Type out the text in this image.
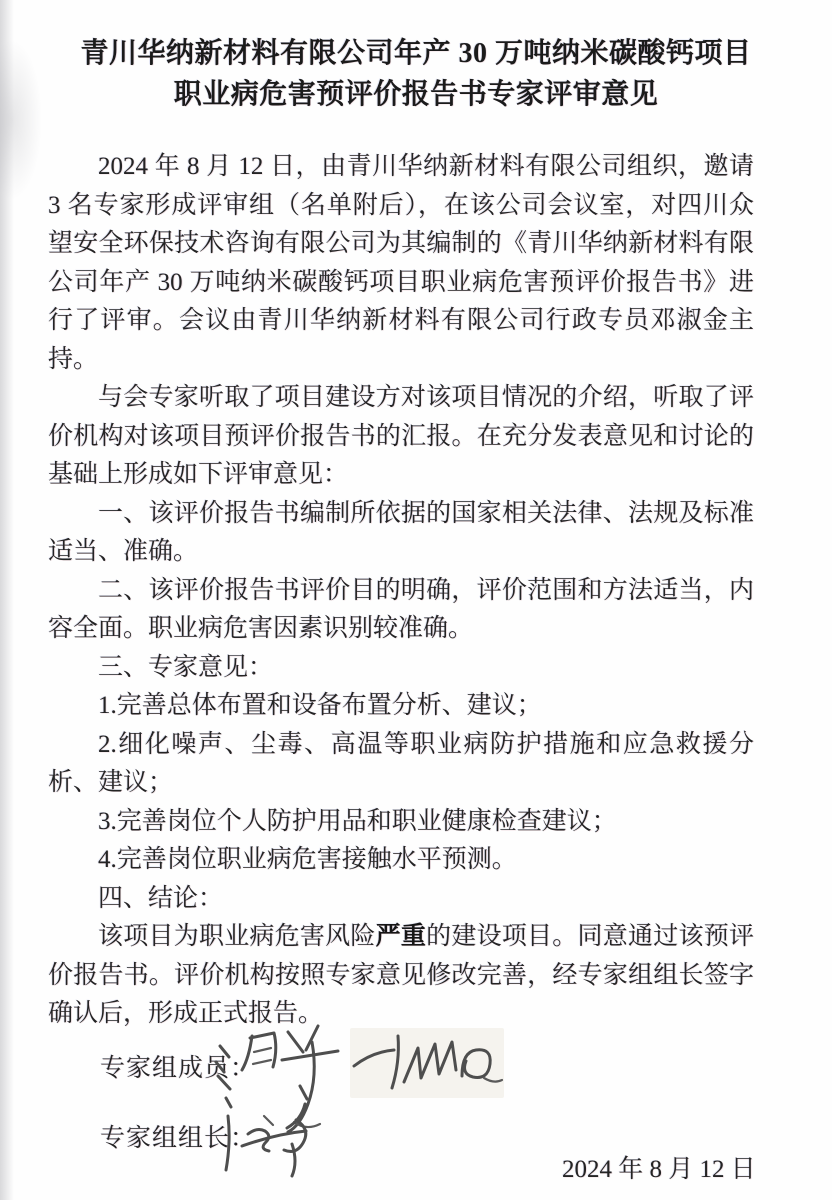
青川华纳新材料有限公司年产 30 万吨纳米碳酸钙项目
职业病危害预评价报告书专家评审意见

2024 年 8 月 12 日，由青川华纳新材料有限公司组织，邀请 3 名专家形成评审组（名单附后），在该公司会议室，对四川众望安全环保技术咨询有限公司为其编制的《青川华纳新材料有限公司年产 30 万吨纳米碳酸钙项目职业病危害预评价报告书》进行了评审。会议由青川华纳新材料有限公司行政专员邓淑金主持。

与会专家听取了项目建设方对该项目情况的介绍，听取了评价机构对该项目预评价报告书的汇报。在充分发表意见和讨论的基础上形成如下评审意见：

一、该评价报告书编制所依据的国家相关法律、法规及标准适当、准确。

二、该评价报告书评价目的明确，评价范围和方法适当，内容全面。职业病危害因素识别较准确。

三、专家意见：

1.完善总体布置和设备布置分析、建议；

2.细化噪声、尘毒、高温等职业病防护措施和应急救援分析、建议；

3.完善岗位个人防护用品和职业健康检查建议；

4.完善岗位职业病危害接触水平预测。

四、结论：

该项目为职业病危害风险严重的建设项目。同意通过该预评价报告书。评价机构按照专家意见修改完善，经专家组组长签字确认后，形成正式报告。

专家组成员：
专家组组长：
2024 年 8 月 12 日
